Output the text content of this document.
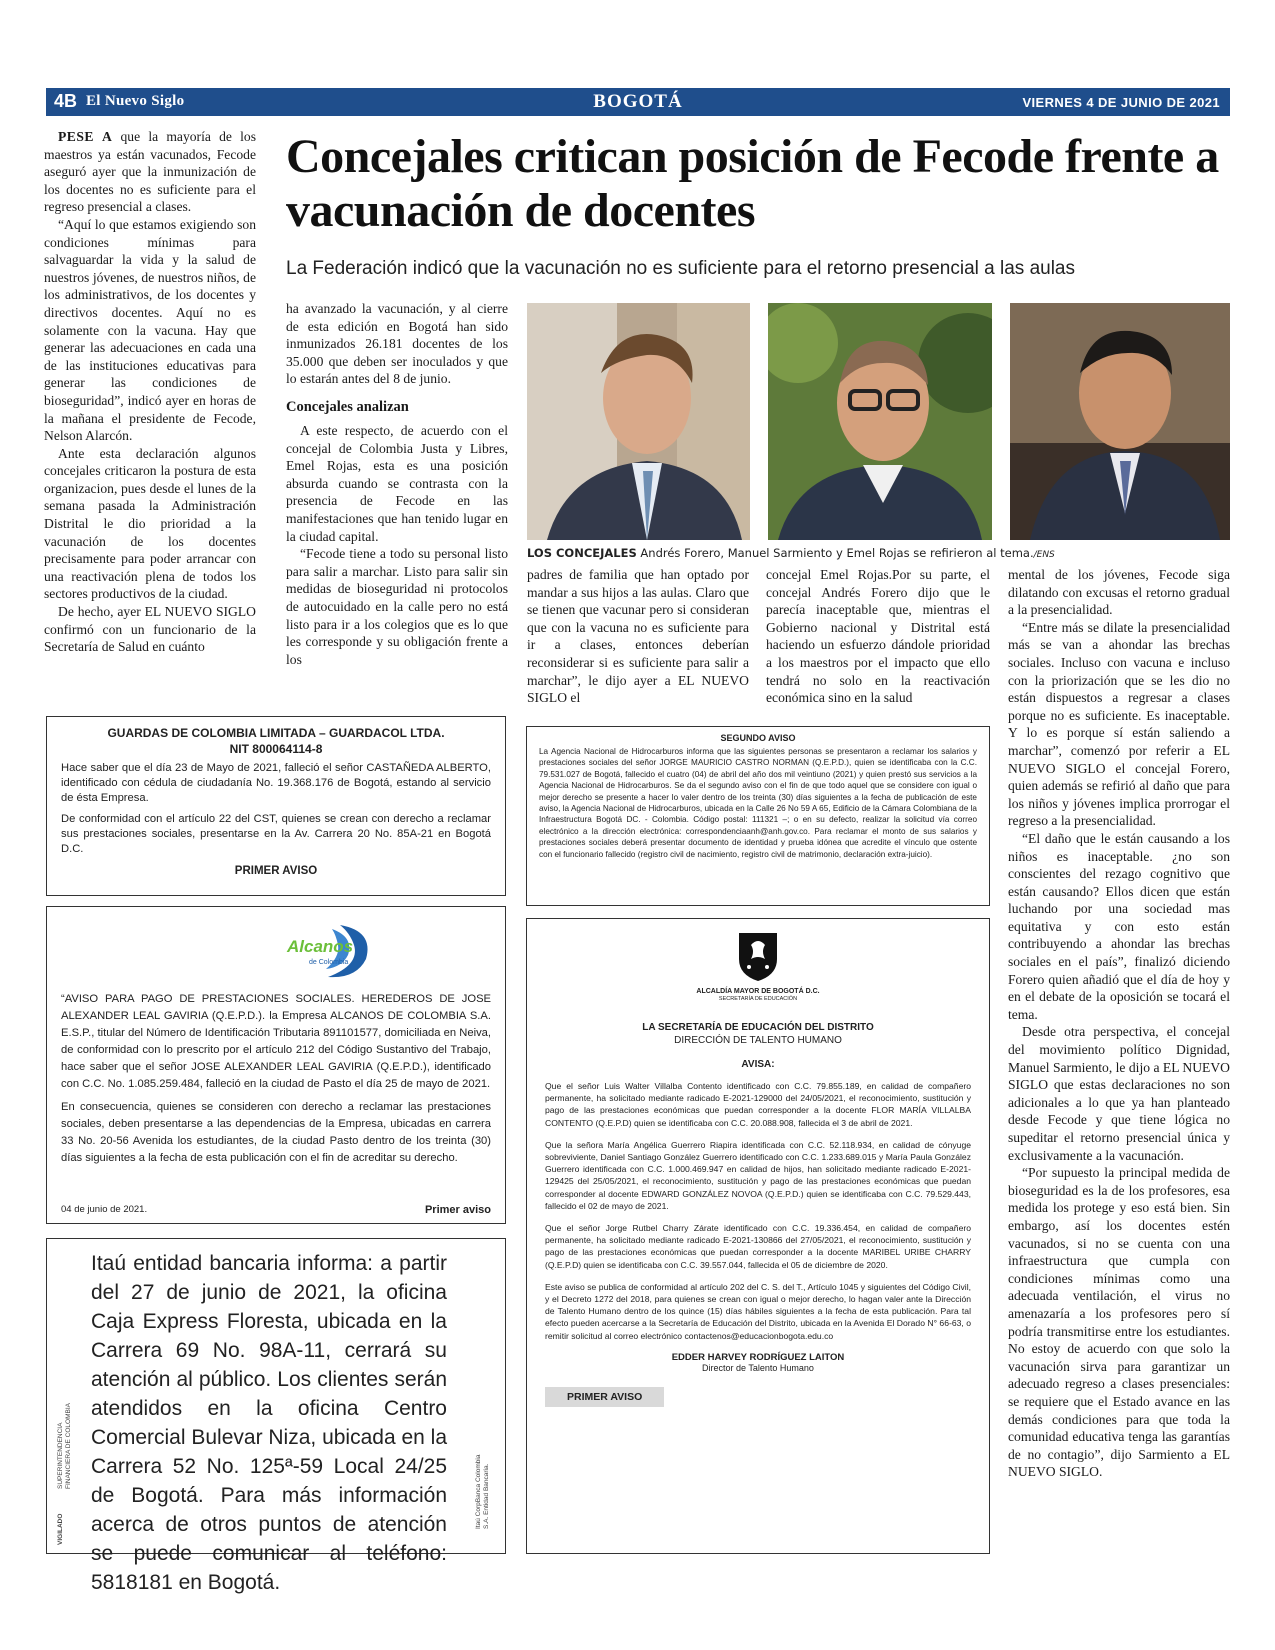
4B El Nuevo Siglo	BOGOTÁ	VIERNES 4 DE JUNIO DE 2021

PESE A que la mayoría de los maestros ya están vacunados, Fecode aseguró ayer que la inmunización de los docentes no es suficiente para el regreso presencial a clases.

“Aquí lo que estamos exigiendo son condiciones mínimas para salvaguardar la vida y la salud de nuestros jóvenes, de nuestros niños, de los administrativos, de los docentes y directivos docentes. Aquí no es solamente con la vacuna. Hay que generar las adecuaciones en cada una de las instituciones educativas para generar las condiciones de bioseguridad”, indicó ayer en horas de la mañana el presidente de Fecode, Nelson Alarcón.

Ante esta declaración algunos concejales criticaron la postura de esta organizacion, pues desde el lunes de la semana pasada la Administración Distrital le dio prioridad a la vacunación de los docentes precisamente para poder arrancar con una reactivación plena de todos los sectores productivos de la ciudad.

De hecho, ayer EL NUEVO SIGLO confirmó con un funcionario de la Secretaría de Salud en cuánto

Concejales critican posición de Fecode frente a vacunación de docentes
La Federación indicó que la vacunación no es suficiente para el retorno presencial a las aulas

ha avanzado la vacunación, y al cierre de esta edición en Bogotá han sido inmunizados 26.181 docentes de los 35.000 que deben ser inoculados y que lo estarán antes del 8 de junio.

Concejales analizan

A este respecto, de acuerdo con el concejal de Colombia Justa y Libres, Emel Rojas, esta es una posición absurda cuando se contrasta con la presencia de Fecode en las manifestaciones que han tenido lugar en la ciudad capital.

“Fecode tiene a todo su personal listo para salir a marchar. Listo para salir sin medidas de bioseguridad ni protocolos de autocuidado en la calle pero no está listo para ir a los colegios que es lo que les corresponde y su obligación frente a los

LOS CONCEJALES Andrés Forero, Manuel Sarmiento y Emel Rojas se refirieron al tema./ENS

padres de familia que han optado por mandar a sus hijos a las aulas. Claro que se tienen que vacunar pero si consideran que con la vacuna no es suficiente para ir a clases, entonces deberían reconsiderar si es suficiente para salir a marchar”, le dijo ayer a EL NUEVO SIGLO el

concejal Emel Rojas.Por su parte, el concejal Andrés Forero dijo que le parecía inaceptable que, mientras el Gobierno nacional y Distrital está haciendo un esfuerzo dándole prioridad a los maestros por el impacto que ello tendrá no solo en la reactivación económica sino en la salud

mental de los jóvenes, Fecode siga dilatando con excusas el retorno gradual a la presencialidad.

“Entre más se dilate la presencialidad más se van a ahondar las brechas sociales. Incluso con vacuna e incluso con la priorización que se les dio no están dispuestos a regresar a clases porque no es suficiente. Es inaceptable. Y lo es porque sí están saliendo a marchar”, comenzó por referir a EL NUEVO SIGLO el concejal Forero, quien además se refirió al daño que para los niños y jóvenes implica prorrogar el regreso a la presencialidad.

“El daño que le están causando a los niños es inaceptable. ¿no son conscientes del rezago cognitivo que están causando? Ellos dicen que están luchando por una sociedad mas equitativa y con esto están contribuyendo a ahondar las brechas sociales en el país”, finalizó diciendo Forero quien añadió que el día de hoy y en el debate de la oposición se tocará el tema.

Desde otra perspectiva, el concejal del movimiento político Dignidad, Manuel Sarmiento, le dijo a EL NUEVO SIGLO que estas declaraciones no son adicionales a lo que ya han planteado desde Fecode y que tiene lógica no supeditar el retorno presencial única y exclusivamente a la vacunación.

“Por supuesto la principal medida de bioseguridad es la de los profesores, esa medida los protege y eso está bien. Sin embargo, así los docentes estén vacunados, si no se cuenta con una infraestructura que cumpla con condiciones mínimas como una adecuada ventilación, el virus no amenazaría a los profesores pero sí podría transmitirse entre los estudiantes. No estoy de acuerdo con que solo la vacunación sirva para garantizar un adecuado regreso a clases presenciales: se requiere que el Estado avance en las demás condiciones para que toda la comunidad educativa tenga las garantías de no contagio”, dijo Sarmiento a EL NUEVO SIGLO.

GUARDAS DE COLOMBIA LIMITADA – GUARDACOL LTDA.
NIT 800064114-8

Hace saber que el día 23 de Mayo de 2021, falleció el señor CASTAÑEDA ALBERTO, identificado con cédula de ciudadanía No. 19.368.176 de Bogotá, estando al servicio de ésta Empresa.

De conformidad con el artículo 22 del CST, quienes se crean con derecho a reclamar sus prestaciones sociales, presentarse en la Av. Carrera 20 No. 85A-21 en Bogotá D.C.

PRIMER AVISO
SEGUNDO AVISO

La Agencia Nacional de Hidrocarburos informa que las siguientes personas se presentaron a reclamar los salarios y prestaciones sociales del señor JORGE MAURICIO CASTRO NORMAN (Q.E.P.D.), quien se identificaba con la C.C. 79.531.027 de Bogotá, fallecido el cuatro (04) de abril del año dos mil veintiuno (2021) y quien prestó sus servicios a la Agencia Nacional de Hidrocarburos. Se da el segundo aviso con el fin de que todo aquel que se considere con igual o mejor derecho se presente a hacer lo valer dentro de los treinta (30) días siguientes a la fecha de publicación de este aviso, la Agencia Nacional de Hidrocarburos, ubicada en la Calle 26 No 59 A 65, Edificio de la Cámara Colombiana de la Infraestructura Bogotá DC. - Colombia. Código postal: 111321 –; o en su defecto, realizar la solicitud vía correo electrónico a la dirección electrónica: correspondenciaanh@anh.gov.co. Para reclamar el monto de sus salarios y prestaciones sociales deberá presentar documento de identidad y prueba idónea que acredite el vínculo que ostente con el funcionario fallecido (registro civil de nacimiento, registro civil de matrimonio, declaración extra-juicio).

Alcanos
de Colombia

“AVISO PARA PAGO DE PRESTACIONES SOCIALES. HEREDEROS DE JOSE ALEXANDER LEAL GAVIRIA (Q.E.P.D.). la Empresa ALCANOS DE COLOMBIA S.A. E.S.P., titular del Número de Identificación Tributaria 891101577, domiciliada en Neiva, de conformidad con lo prescrito por el artículo 212 del Código Sustantivo del Trabajo, hace saber que el señor JOSE ALEXANDER LEAL GAVIRIA (Q.E.P.D.), identificado con C.C. No. 1.085.259.484, falleció en la ciudad de Pasto el día 25 de mayo de 2021.

En consecuencia, quienes se consideren con derecho a reclamar las prestaciones sociales, deben presentarse a las dependencias de la Empresa, ubicadas en carrera 33 No. 20-56 Avenida los estudiantes, de la ciudad Pasto dentro de los treinta (30) días siguientes a la fecha de esta publicación con el fin de acreditar su derecho.

04 de junio de 2021.	Primer aviso

Itaú entidad bancaria informa: a partir del 27 de junio de 2021, la oficina Caja Express Floresta, ubicada en la Carrera 69 No. 98A-11, cerrará su atención al público. Los clientes serán atendidos en la oficina Centro Comercial Bulevar Niza, ubicada en la Carrera 52 No. 125ª-59 Local 24/25 de Bogotá. Para más información acerca de otros puntos de atención se puede comunicar al teléfono: 5818181 en Bogotá.

VIGILADO
SUPERINTENDENCIA FINANCIERA DE COLOMBIA
Itaú CorpBanca Colombia S.A. Entidad Bancaria.
ALCALDÍA MAYOR DE BOGOTÁ D.C.
SECRETARÍA DE EDUCACIÓN
LA SECRETARÍA DE EDUCACIÓN DEL DISTRITO
DIRECCIÓN DE TALENTO HUMANO
AVISA:

Que el señor Luis Walter Villalba Contento identificado con C.C. 79.855.189, en calidad de compañero permanente, ha solicitado mediante radicado E-2021-129000 del 24/05/2021, el reconocimiento, sustitución y pago de las prestaciones económicas que puedan corresponder a la docente FLOR MARÍA VILLALBA CONTENTO (Q.E.P.D) quien se identificaba con C.C. 20.088.908, fallecida el 3 de abril de 2021.

Que la señora María Angélica Guerrero Riapira identificada con C.C. 52.118.934, en calidad de cónyuge sobreviviente, Daniel Santiago González Guerrero identificado con C.C. 1.233.689.015 y María Paula González Guerrero identificada con C.C. 1.000.469.947 en calidad de hijos, han solicitado mediante radicado E-2021-129425 del 25/05/2021, el reconocimiento, sustitución y pago de las prestaciones económicas que puedan corresponder al docente EDWARD GONZÁLEZ NOVOA (Q.E.P.D.) quien se identificaba con C.C. 79.529.443, fallecido el 02 de mayo de 2021.

Que el señor Jorge Rutbel Charry Zárate identificado con C.C. 19.336.454, en calidad de compañero permanente, ha solicitado mediante radicado E-2021-130866 del 27/05/2021, el reconocimiento, sustitución y pago de las prestaciones económicas que puedan corresponder a la docente MARIBEL URIBE CHARRY (Q.E.P.D) quien se identificaba con C.C. 39.557.044, fallecida el 05 de diciembre de 2020.

Este aviso se publica de conformidad al artículo 202 del C. S. del T., Artículo 1045 y siguientes del Código Civil, y el Decreto 1272 del 2018, para quienes se crean con igual o mejor derecho, lo hagan valer ante la Dirección de Talento Humano dentro de los quince (15) días hábiles siguientes a la fecha de esta publicación. Para tal efecto pueden acercarse a la Secretaría de Educación del Distrito, ubicada en la Avenida El Dorado N° 66-63, o remitir solicitud al correo electrónico contactenos@educacionbogota.edu.co

EDDER HARVEY RODRÍGUEZ LAITON
Director de Talento Humano
PRIMER AVISO
